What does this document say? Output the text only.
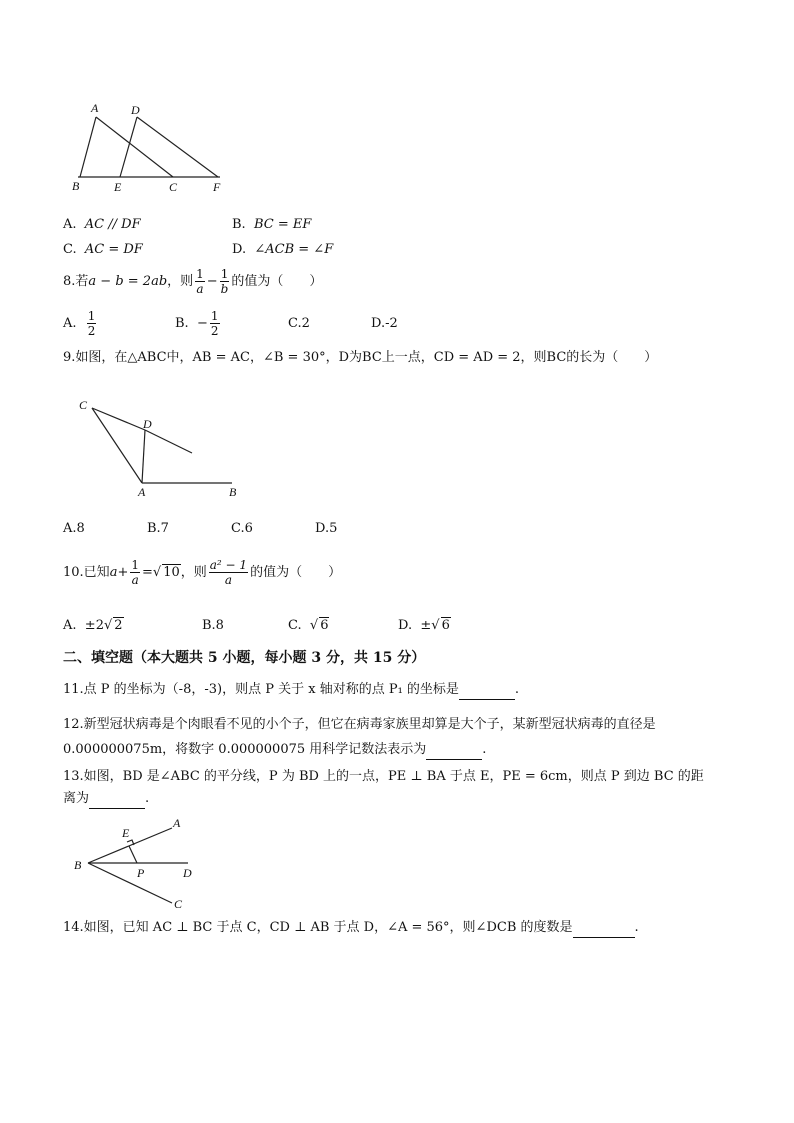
A	D
B	E	C	F
A. AC // DF	B. BC = EF
C. AC = DF	D. ∠ACB = ∠F
8.若a − b = 2ab，则 $\frac{1}{a} - \frac{1}{b}$ 的值为（　　）
A. $\frac{1}{2}$	B. − $\frac{1}{2}$	C.2	D.-2
9.如图，在△ABC中，AB = AC，∠B = 30°，D为BC上一点，CD = AD = 2，则BC的长为（　　）
C
D
A	B
A.8	B.7	C.6	D.5
10.已知$a+ \frac{1}{a}$ =√ 10，则 $\frac{\text{a² − 1}}{a}$ 的值为（　　）
A. ±2√ 2	B.8	C.  √ 6	D. ±√ 6
二、填空题（本大题共 5 小题，每小题 3 分，共 15 分）
11.点 P 的坐标为（-8，-3)，则点 P 关于 x 轴对称的点 P₁ 的坐标是	.
12.新型冠状病毒是个肉眼看不见的小个子，但它在病毒家族里却算是大个子，某新型冠状病毒的直径是
0.000000075m，将数字 0.000000075 用科学记数法表示为	.
13.如图，BD 是∠ABC 的平分线，P 为 BD 上的一点，PE ⊥ BA 于点 E，PE = 6cm，则点 P 到边 BC 的距
离为	.
E
A
B
P	D
C
14.如图，已知 AC ⊥ BC 于点 C，CD ⊥ AB 于点 D，∠A = 56°，则∠DCB 的度数是	.
